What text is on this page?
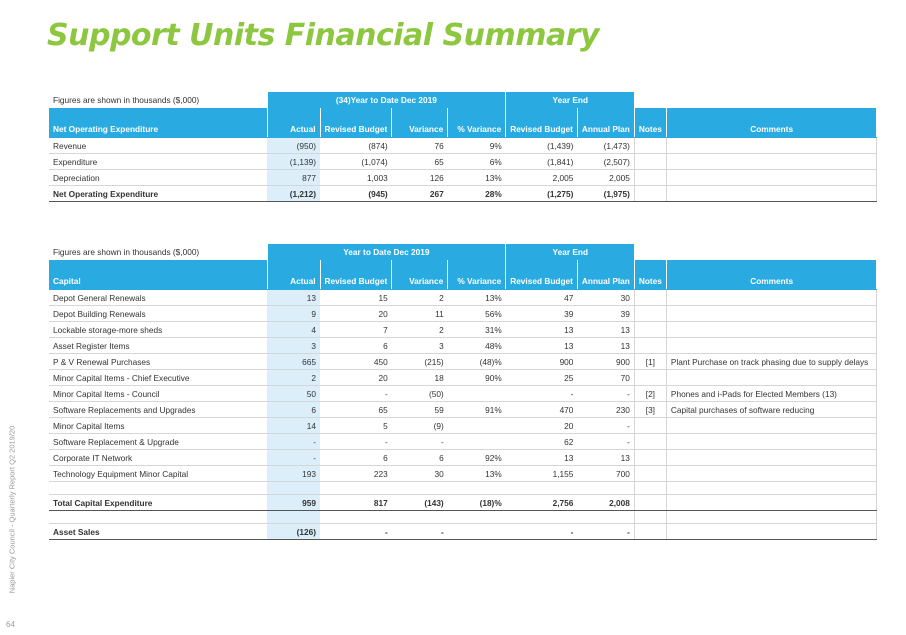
Support Units Financial Summary
Napier City Council - Quarterly Report Q2 2019/20
64
Figures are shown in thousands ($,000)	(34)Year to Date Dec 2019				Year End			
Net Operating Expenditure	Actual	Revised Budget	Variance	% Variance	Revised Budget	Annual Plan	Notes	Comments
Revenue	(950)	(874)	76	9%	(1,439)	(1,473)		
Expenditure	(1,139)	(1,074)	65	6%	(1,841)	(2,507)		
Depreciation	877	1,003	126	13%	2,005	2,005		
Net Operating Expenditure	(1,212)	(945)	267	28%	(1,275)	(1,975)		
Figures are shown in thousands ($,000)	Year to Date Dec 2019				Year End			
Capital	Actual	Revised Budget	Variance	% Variance	Revised Budget	Annual Plan	Notes	Comments
Depot General Renewals	13	15	2	13%	47	30		
Depot Building Renewals	9	20	11	56%	39	39		
Lockable storage-more sheds	4	7	2	31%	13	13		
Asset Register Items	3	6	3	48%	13	13		
P & V Renewal Purchases	665	450	(215)	(48)%	900	900	[1]	Plant Purchase on track phasing due to supply delays
Minor Capital Items - Chief Executive	2	20	18	90%	25	70		
Minor Capital Items - Council	50	-	(50)		-	-	[2]	Phones and i-Pads for Elected Members (13)
Software Replacements and Upgrades	6	65	59	91%	470	230	[3]	Capital purchases of software reducing
Minor Capital Items	14	5	(9)		20	-		
Software Replacement & Upgrade	-	-	-		62	-		
Corporate IT Network	-	6	6	92%	13	13		
Technology Equipment Minor Capital	193	223	30	13%	1,155	700		

Total Capital Expenditure	959	817	(143)	(18)%	2,756	2,008		

Asset Sales	(126)	-	-		-	-		
